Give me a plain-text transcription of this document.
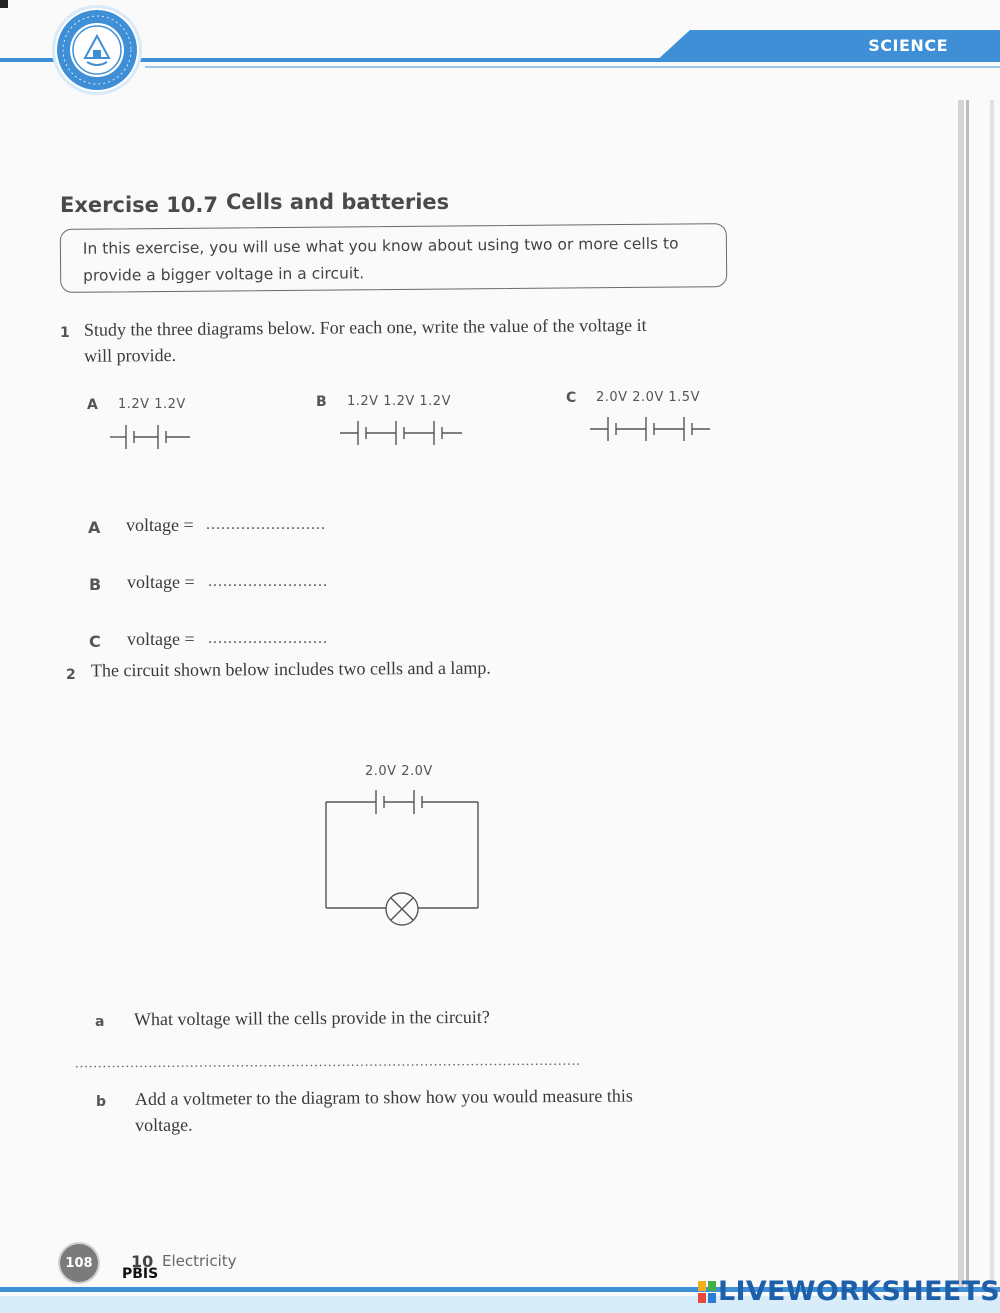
SCIENCE
Exercise 10.7 Cells and batteries
In this exercise, you will use what you know about using two or more cells to
provide a bigger voltage in a circuit.
1 Study the three diagrams below. For each one, write the value of the voltage it
will provide.
A 1.2V 1.2V	B 1.2V 1.2V 1.2V	C 2.0V 2.0V 1.5V
A voltage = ........................
B voltage = ........................
C voltage = ........................
2 The circuit shown below includes two cells and a lamp.
2.0V 2.0V
a What voltage will the cells provide in the circuit?
..............................................................................................................
b Add a voltmeter to the diagram to show how you would measure this
voltage.
108	10
PBIS
Electricity
LIVEWORKSHEETS
